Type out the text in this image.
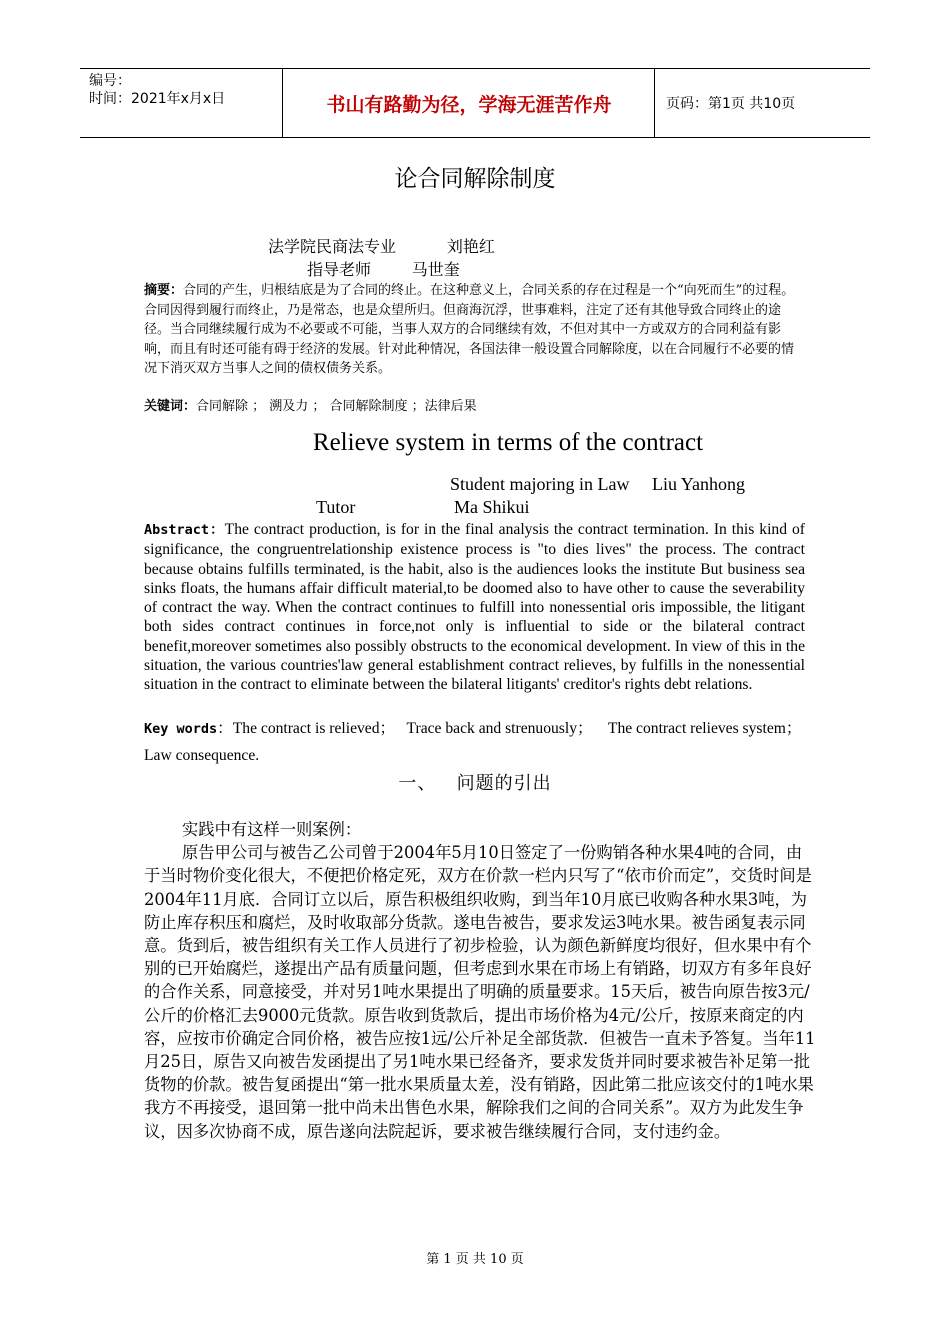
编号：
时间：2021年x月x日	书山有路勤为径，学海无涯苦作舟	页码：第1页 共10页
论合同解除制度
法学院民商法专业          刘艳红
指导老师        马世奎
摘要：合同的产生，归根结底是为了合同的终止。在这种意义上，合同关系的存在过程是一个“向死而生”的过程。合同因得到履行而终止，乃是常态，也是众望所归。但商海沉浮，世事难料，注定了还有其他导致合同终止的途径。当合同继续履行成为不必要或不可能，当事人双方的合同继续有效，不但对其中一方或双方的合同利益有影响，而且有时还可能有碍于经济的发展。针对此种情况，各国法律一般设置合同解除度，以在合同履行不必要的情况下消灭双方当事人之间的债权债务关系。
关键词：合同解除 ； 溯及力 ； 合同解除制度 ；法律后果
Relieve system in terms of the contract
Student majoring in Law     Liu Yanhong
Tutor	Ma Shikui
Abstract：The contract production, is for in the final analysis the contract termination. In this kind of significance, the congruentrelationship existence process is "to dies lives" the process. The contract because obtains fulfills terminated, is the habit, also is the audiences looks the institute But business sea sinks floats, the humans affair difficult material,to be doomed also to have other to cause the severability of contract the way. When the contract continues to fulfill into nonessential oris impossible, the litigant both sides contract continues in force,not only is influential to side or the bilateral contract benefit,moreover sometimes also possibly obstructs to the economical development. In view of this in the situation, the various countries'law general establishment contract relieves, by fulfills in the nonessential situation in the contract to eliminate between the bilateral litigants' creditor's rights debt relations.
Key words：The contract is relieved；   Trace back and strenuously；    The contract relieves system；     Law consequence.
一、   问题的引出

实践中有这样一则案例：

原告甲公司与被告乙公司曾于2004年5月10日签定了一份购销各种水果4吨的合同，由于当时物价变化很大，不便把价格定死，双方在价款一栏内只写了“依市价而定”，交货时间是2004年11月底．合同订立以后，原告积极组织收购，到当年10月底已收购各种水果3吨，为防止库存积压和腐烂，及时收取部分货款。遂电告被告，要求发运3吨水果。被告函复表示同意。货到后，被告组织有关工作人员进行了初步检验，认为颜色新鲜度均很好，但水果中有个别的已开始腐烂，遂提出产品有质量问题，但考虑到水果在市场上有销路，切双方有多年良好的合作关系，同意接受，并对另1吨水果提出了明确的质量要求。15天后，被告向原告按3元/公斤的价格汇去9000元货款。原告收到货款后，提出市场价格为4元/公斤，按原来商定的内容，应按市价确定合同价格，被告应按1远/公斤补足全部货款．但被告一直未予答复。当年11月25日，原告又向被告发函提出了另1吨水果已经备齐，要求发货并同时要求被告补足第一批货物的价款。被告复函提出“第一批水果质量太差，没有销路，因此第二批应该交付的1吨水果我方不再接受，退回第一批中尚未出售色水果，解除我们之间的合同关系”。双方为此发生争议，因多次协商不成，原告遂向法院起诉，要求被告继续履行合同，支付违约金。

第 1 页 共 10 页
